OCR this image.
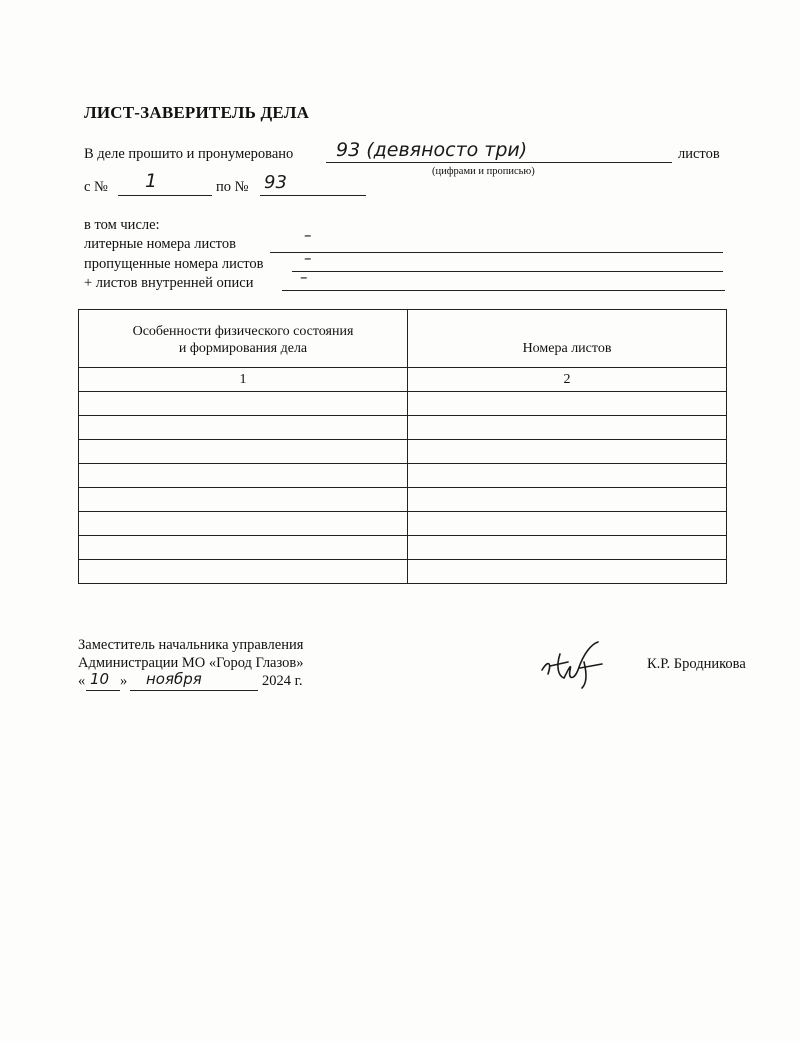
ЛИСТ-ЗАВЕРИТЕЛЬ ДЕЛА
В деле прошито и пронумеровано 93 (девяносто три)	листов
(цифрами и прописью)
с № 1	по № 93
в том числе:
литерные номера листов	–
пропущенные номера листов	–
+ листов внутренней описи	–
Особенности физического состояния
и формирования дела	Номера листов
1	2

Заместитель начальника управления
Администрации МО «Город Глазов»
« 10 » ноября	2024 г.
К.Р. Бродникова
